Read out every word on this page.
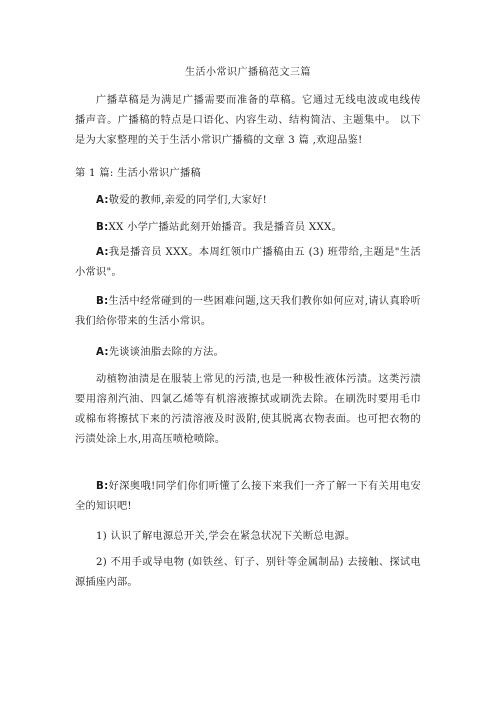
生活小常识广播稿范文三篇

广播草稿是为满足广播需要而准备的草稿。它通过无线电波或电线传播声音。广播稿的特点是口语化、内容生动、结构简洁、主题集中。 以下是为大家整理的关于生活小常识广播稿的文章 3 篇 ,欢迎品鉴!

第 1 篇: 生活小常识广播稿

A:敬爱的教师,亲爱的同学们,大家好!

B:XX 小学广播站此刻开始播音。我是播音员 XXX。

A:我是播音员 XXX。本周红领巾广播稿由五 (3) 班带给,主题是"生活小常识"。

B:生活中经常碰到的一些困难问题,这天我们教你如何应对,请认真聆听我们给你带来的生活小常识。

A:先谈谈油脂去除的方法。

动植物油渍是在服装上常见的污渍,也是一种极性液体污渍。这类污渍要用溶剂汽油、四氯乙烯等有机溶液擦拭或刷洗去除。在刷洗时要用毛巾或棉布将擦拭下来的污渍溶液及时汲附,使其脱离衣物表面。也可把衣物的污渍处涂上水,用高压喷枪喷除。

B:好深奥哦!同学们你们听懂了么接下来我们一齐了解一下有关用电安全的知识吧!

1) 认识了解电源总开关,学会在紧急状况下关断总电源。

2) 不用手或导电物 (如铁丝、钉子、别针等金属制品) 去接触、探试电源插座内部。
